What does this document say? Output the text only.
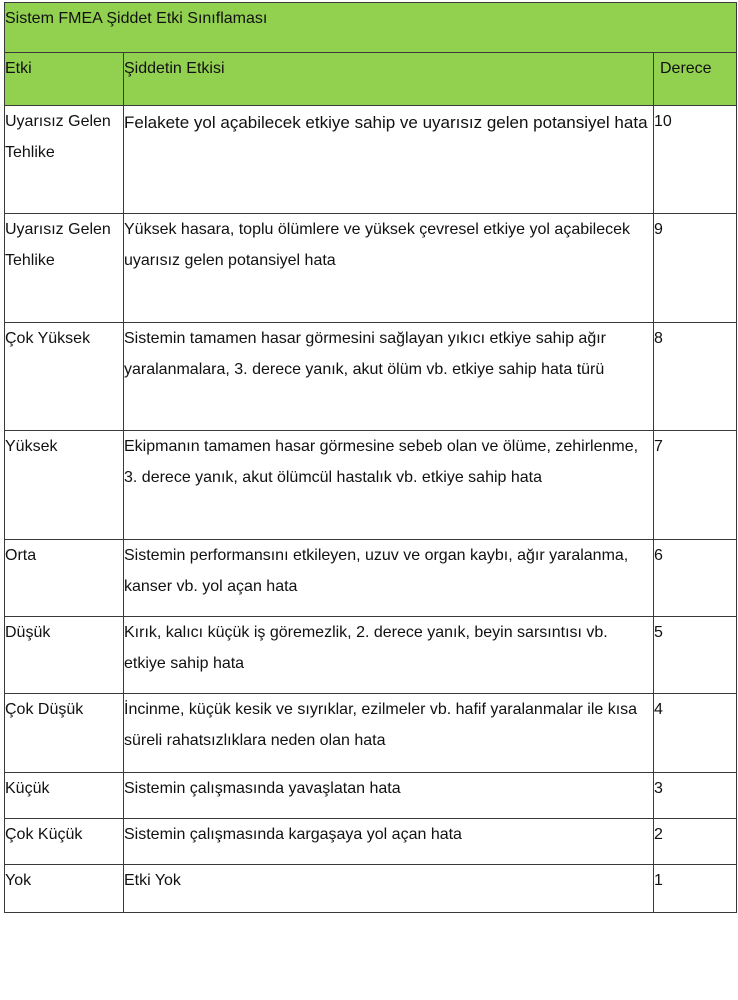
Sistem FMEA Şiddet Etki Sınıflaması		
Etki	Şiddetin Etkisi	Derece
Uyarısız Gelen Tehlike	Felakete yol açabilecek etkiye sahip ve uyarısız gelen potansiyel hata	10
Uyarısız Gelen Tehlike	Yüksek hasara, toplu ölümlere ve yüksek çevresel etkiye yol açabilecek uyarısız gelen potansiyel hata	9
Çok Yüksek	Sistemin tamamen hasar görmesini sağlayan yıkıcı etkiye sahip ağır yaralanmalara, 3. derece yanık, akut ölüm vb. etkiye sahip hata türü	8
Yüksek	Ekipmanın tamamen hasar görmesine sebeb olan ve ölüme, zehirlenme, 3. derece yanık, akut ölümcül hastalık vb. etkiye sahip hata	7
Orta	Sistemin performansını etkileyen, uzuv ve organ kaybı, ağır yaralanma, kanser vb. yol açan hata	6
Düşük	Kırık, kalıcı küçük iş göremezlik, 2. derece yanık, beyin sarsıntısı vb. etkiye sahip hata	5
Çok Düşük	İncinme, küçük kesik ve sıyrıklar, ezilmeler vb. hafif yaralanmalar ile kısa süreli rahatsızlıklara neden olan hata	4
Küçük	Sistemin çalışmasında yavaşlatan hata	3
Çok Küçük	Sistemin çalışmasında kargaşaya yol açan hata	2
Yok	Etki Yok	1
